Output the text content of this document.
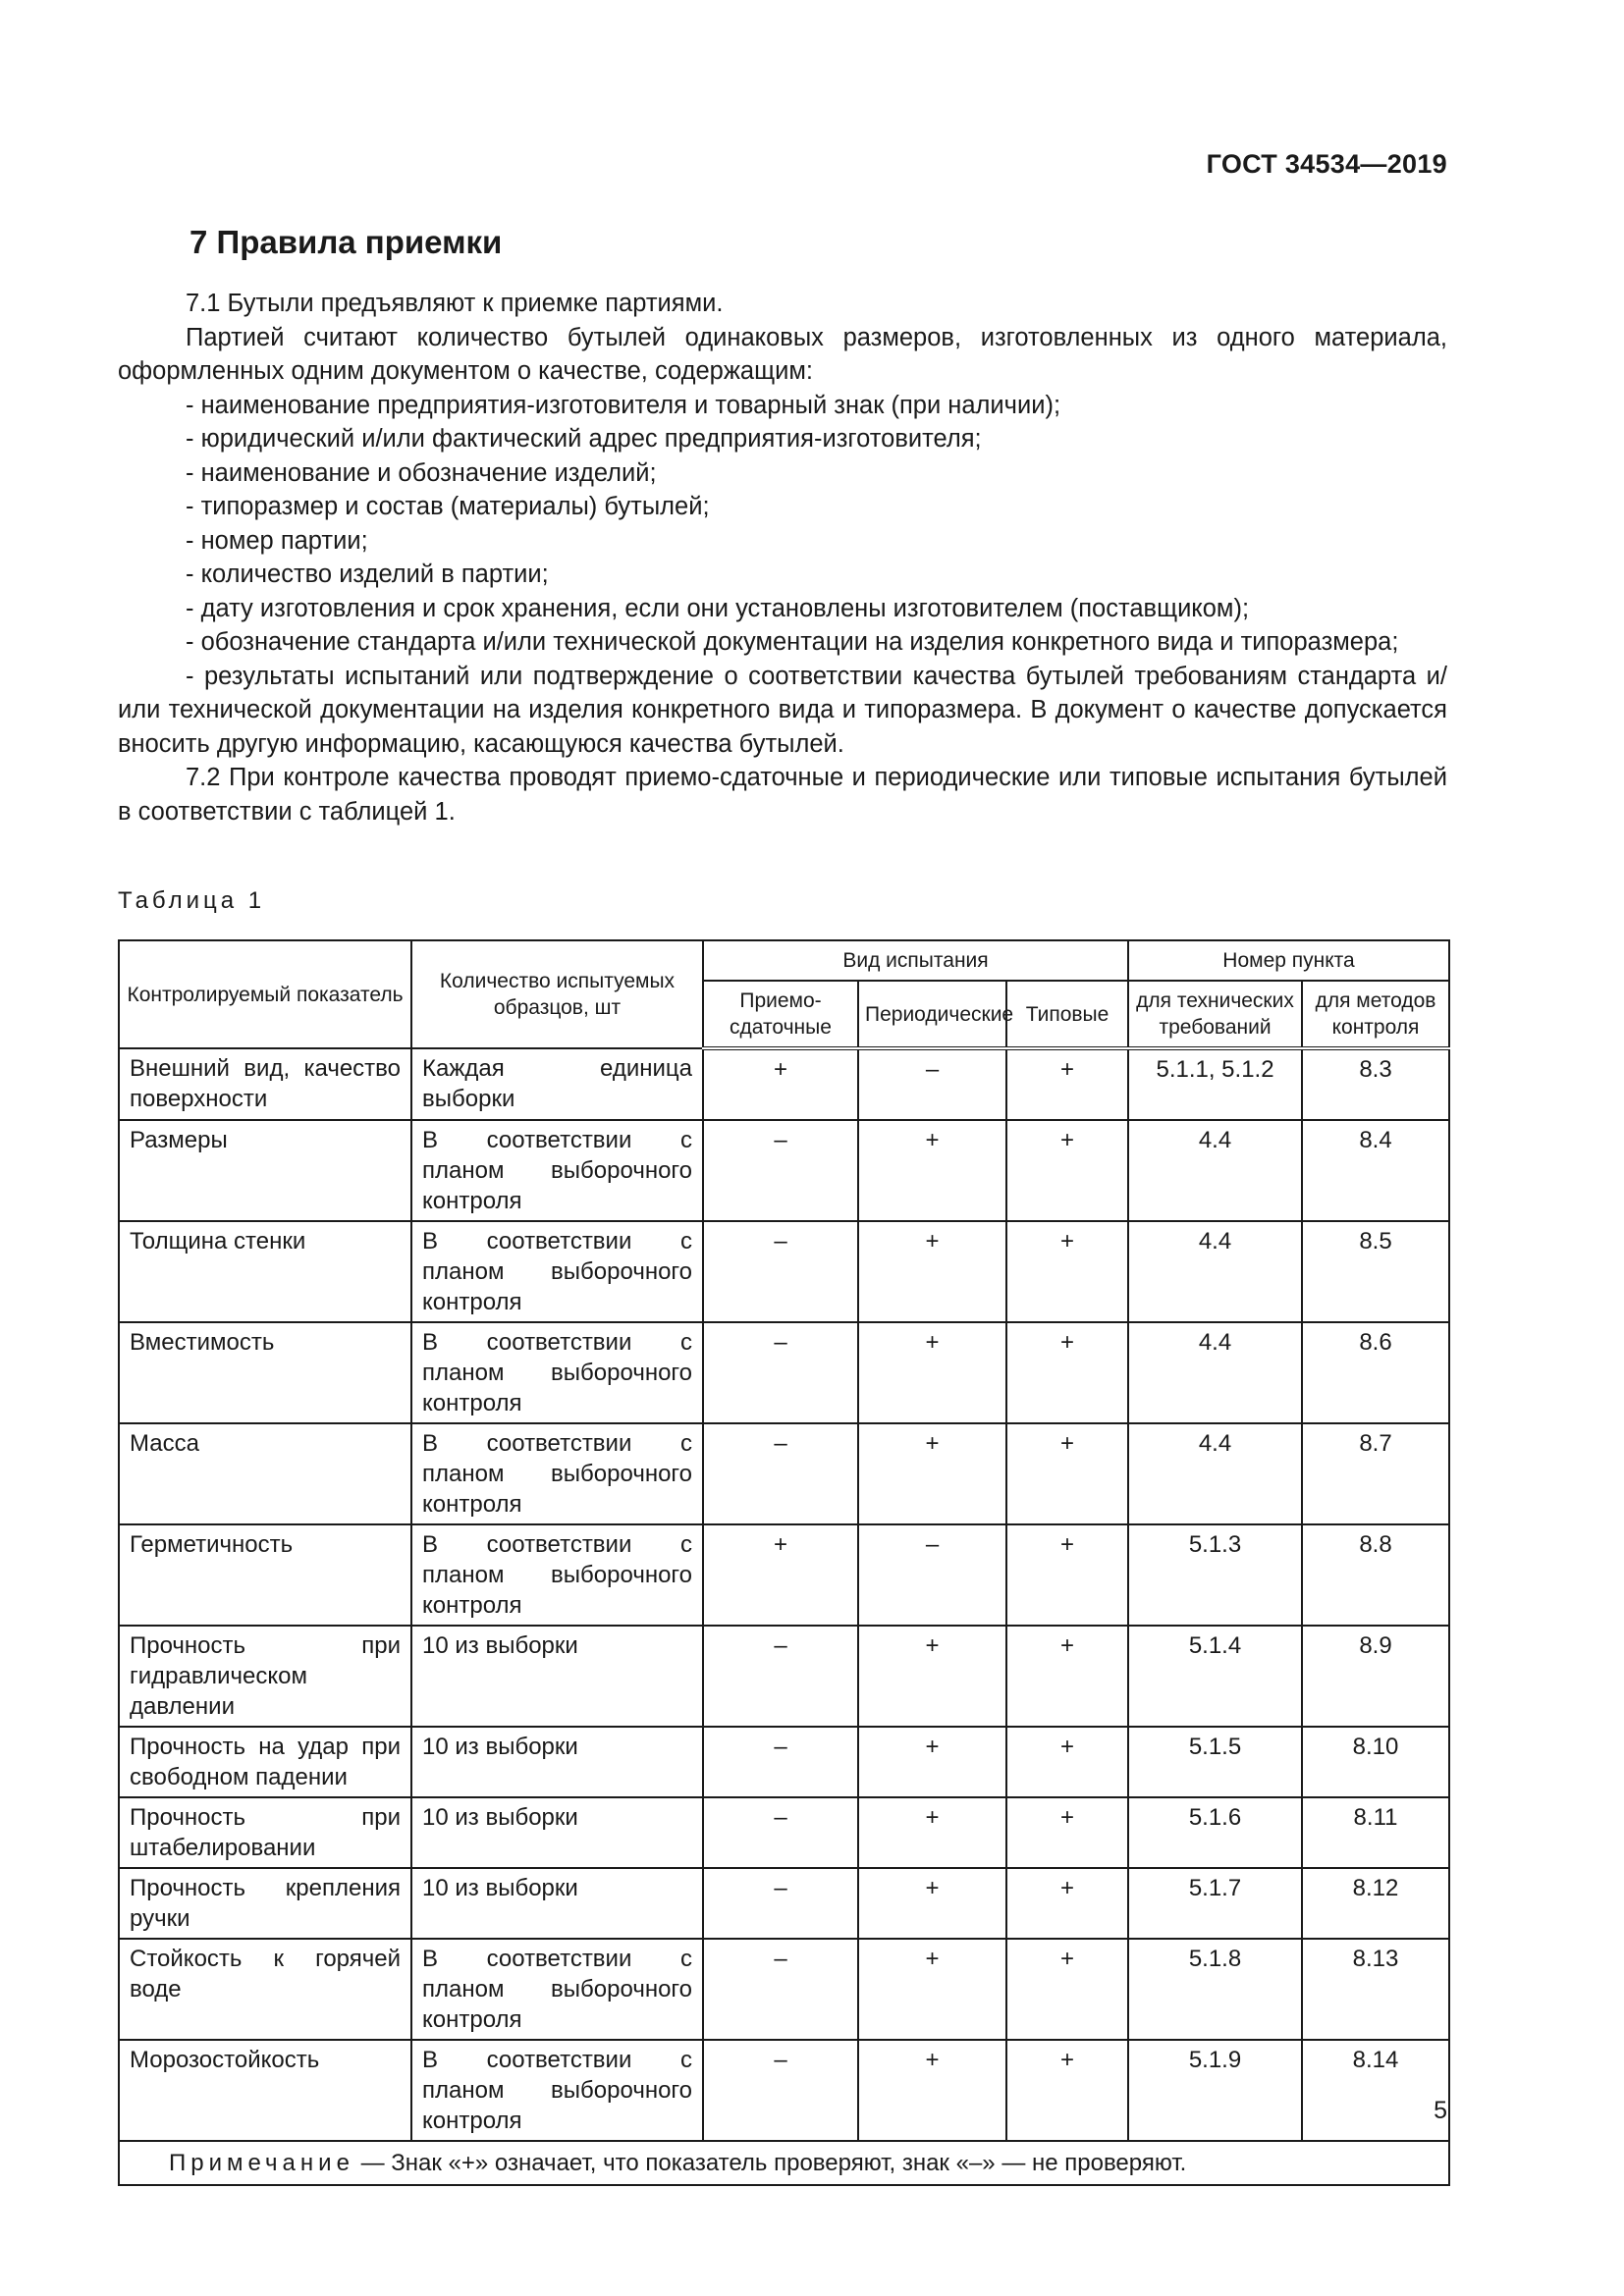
ГОСТ 34534—2019
7 Правила приемки

7.1 Бутыли предъявляют к приемке партиями.

Партией считают количество бутылей одинаковых размеров, изготовленных из одного материала, оформленных одним документом о качестве, содержащим:

- наименование предприятия-изготовителя и товарный знак (при наличии);

- юридический и/или фактический адрес предприятия-изготовителя;

- наименование и обозначение изделий;

- типоразмер и состав (материалы) бутылей;

- номер партии;

- количество изделий в партии;

- дату изготовления и срок хранения, если они установлены изготовителем (поставщиком);

- обозначение стандарта и/или технической документации на изделия конкретного вида и типоразмера;

- результаты испытаний или подтверждение о соответствии качества бутылей требованиям стандарта и/или технической документации на изделия конкретного вида и типоразмера. В документ о качестве допускается вносить другую информацию, касающуюся качества бутылей.

7.2 При контроле качества проводят приемо-сдаточные и периодические или типовые испытания бутылей в соответствии с таблицей 1.

Таблица 1
Контролируемый показатель	Количество испытуемых образцов, шт	Вид испытания			Номер пункта	
		Приемо-сдаточные	Периодические	Типовые	для технических требований	для методов контроля
Внешний вид, качество поверхности	Каждая единица выборки	+	–	+	5.1.1, 5.1.2	8.3
Размеры	В соответствии с планом выборочного контроля	–	+	+	4.4	8.4
Толщина стенки	В соответствии с планом выборочного контроля	–	+	+	4.4	8.5
Вместимость	В соответствии с планом выборочного контроля	–	+	+	4.4	8.6
Масса	В соответствии с планом выборочного контроля	–	+	+	4.4	8.7
Герметичность	В соответствии с планом выборочного контроля	+	–	+	5.1.3	8.8
Прочность при гидравлическом давлении	10 из выборки	–	+	+	5.1.4	8.9
Прочность на удар при свободном падении	10 из выборки	–	+	+	5.1.5	8.10
Прочность при штабелировании	10 из выборки	–	+	+	5.1.6	8.11
Прочность крепления ручки	10 из выборки	–	+	+	5.1.7	8.12
Стойкость к горячей воде	В соответствии с планом выборочного контроля	–	+	+	5.1.8	8.13
Морозостойкость	В соответствии с планом выборочного контроля	–	+	+	5.1.9	8.14
Примечание — Знак «+» означает, что показатель проверяют, знак «–» — не проверяют.						
5
